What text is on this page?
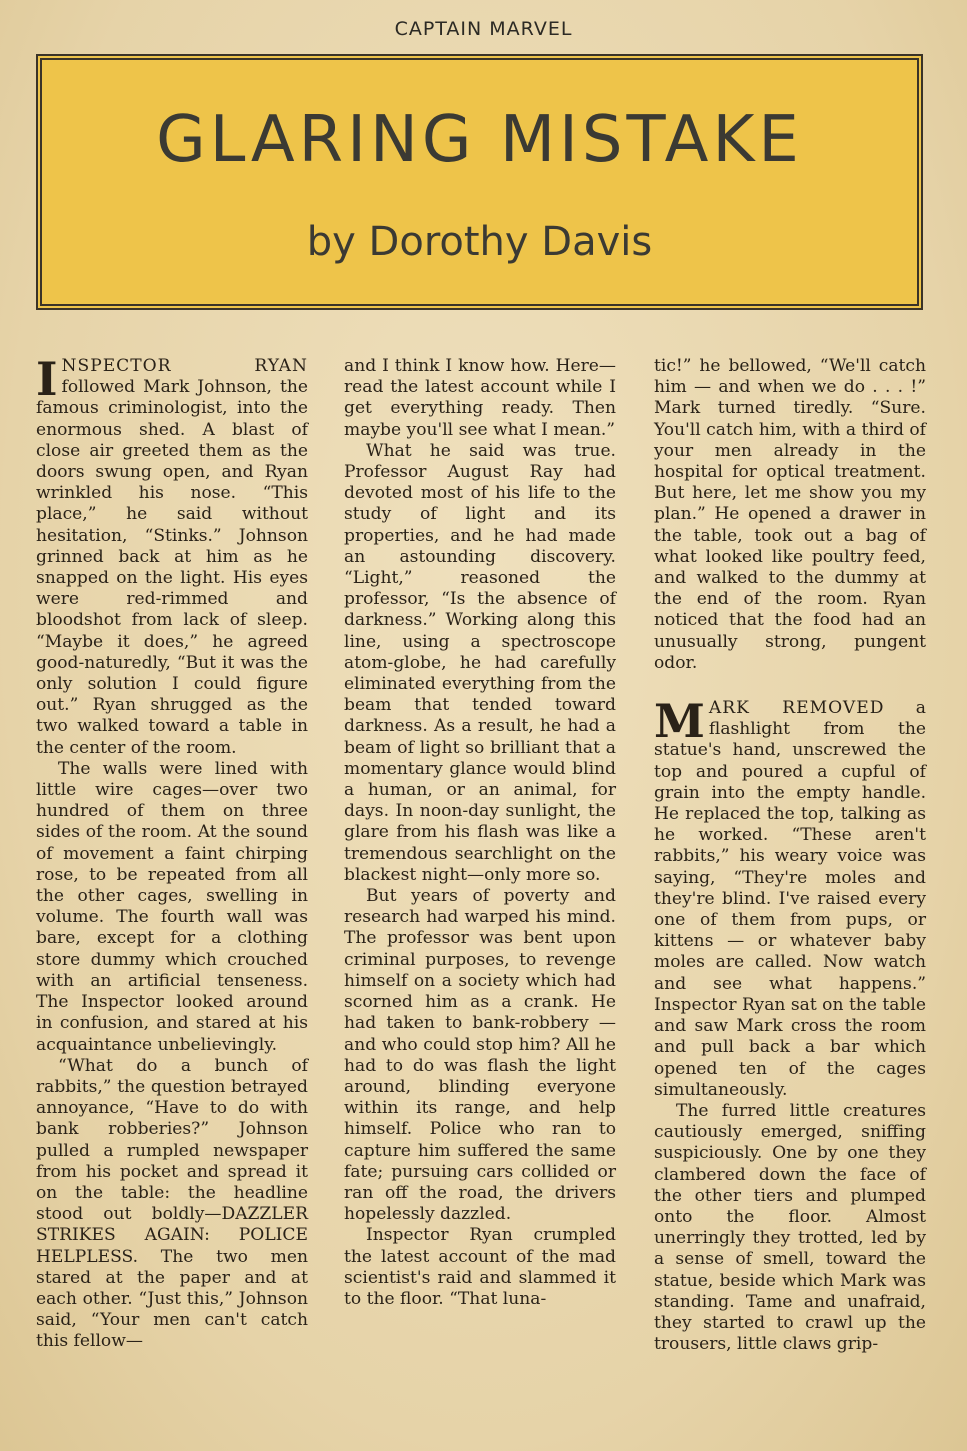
CAPTAIN MARVEL
GLARING MISTAKE
by Dorothy Davis

INSPECTOR RYAN followed Mark Johnson, the famous criminologist, into the enormous shed. A blast of close air greeted them as the doors swung open, and Ryan wrinkled his nose. “This place,” he said without hesitation, “Stinks.” Johnson grinned back at him as he snapped on the light. His eyes were red-rimmed and bloodshot from lack of sleep. “Maybe it does,” he agreed good-naturedly, “But it was the only solution I could figure out.” Ryan shrugged as the two walked toward a table in the center of the room.

The walls were lined with little wire cages—over two hundred of them on three sides of the room. At the sound of movement a faint chirping rose, to be repeated from all the other cages, swelling in volume. The fourth wall was bare, except for a clothing store dummy which crouched with an artificial tenseness. The Inspector looked around in confusion, and stared at his acquaintance unbelievingly.

“What do a bunch of rabbits,” the question betrayed annoyance, “Have to do with bank robberies?” Johnson pulled a rumpled newspaper from his pocket and spread it on the table: the headline stood out boldly—DAZZLER STRIKES AGAIN: POLICE HELPLESS. The two men stared at the paper and at each other. “Just this,” Johnson said, “Your men can't catch this fellow—

and I think I know how. Here—read the latest account while I get everything ready. Then maybe you'll see what I mean.”

What he said was true. Professor August Ray had devoted most of his life to the study of light and its properties, and he had made an astounding discovery. “Light,” reasoned the professor, “Is the absence of darkness.” Working along this line, using a spectroscope atom-globe, he had carefully eliminated everything from the beam that tended toward darkness. As a result, he had a beam of light so brilliant that a momentary glance would blind a human, or an animal, for days. In noon-day sunlight, the glare from his flash was like a tremendous searchlight on the blackest night—only more so.

But years of poverty and research had warped his mind. The professor was bent upon criminal purposes, to revenge himself on a society which had scorned him as a crank. He had taken to bank-robbery — and who could stop him? All he had to do was flash the light around, blinding everyone within its range, and help himself. Police who ran to capture him suffered the same fate; pursuing cars collided or ran off the road, the drivers hopelessly dazzled.

Inspector Ryan crumpled the latest account of the mad scientist's raid and slammed it to the floor. “That luna-

tic!” he bellowed, “We'll catch him — and when we do . . . !” Mark turned tiredly. “Sure. You'll catch him, with a third of your men already in the hospital for optical treatment. But here, let me show you my plan.” He opened a drawer in the table, took out a bag of what looked like poultry feed, and walked to the dummy at the end of the room. Ryan noticed that the food had an unusually strong, pungent odor.

MARK REMOVED a flashlight from the statue's hand, unscrewed the top and poured a cupful of grain into the empty handle. He replaced the top, talking as he worked. “These aren't rabbits,” his weary voice was saying, “They're moles and they're blind. I've raised every one of them from pups, or kittens — or whatever baby moles are called. Now watch and see what happens.” Inspector Ryan sat on the table and saw Mark cross the room and pull back a bar which opened ten of the cages simultaneously.

The furred little creatures cautiously emerged, sniffing suspiciously. One by one they clambered down the face of the other tiers and plumped onto the floor. Almost unerringly they trotted, led by a sense of smell, toward the statue, beside which Mark was standing. Tame and unafraid, they started to crawl up the trousers, little claws grip-
